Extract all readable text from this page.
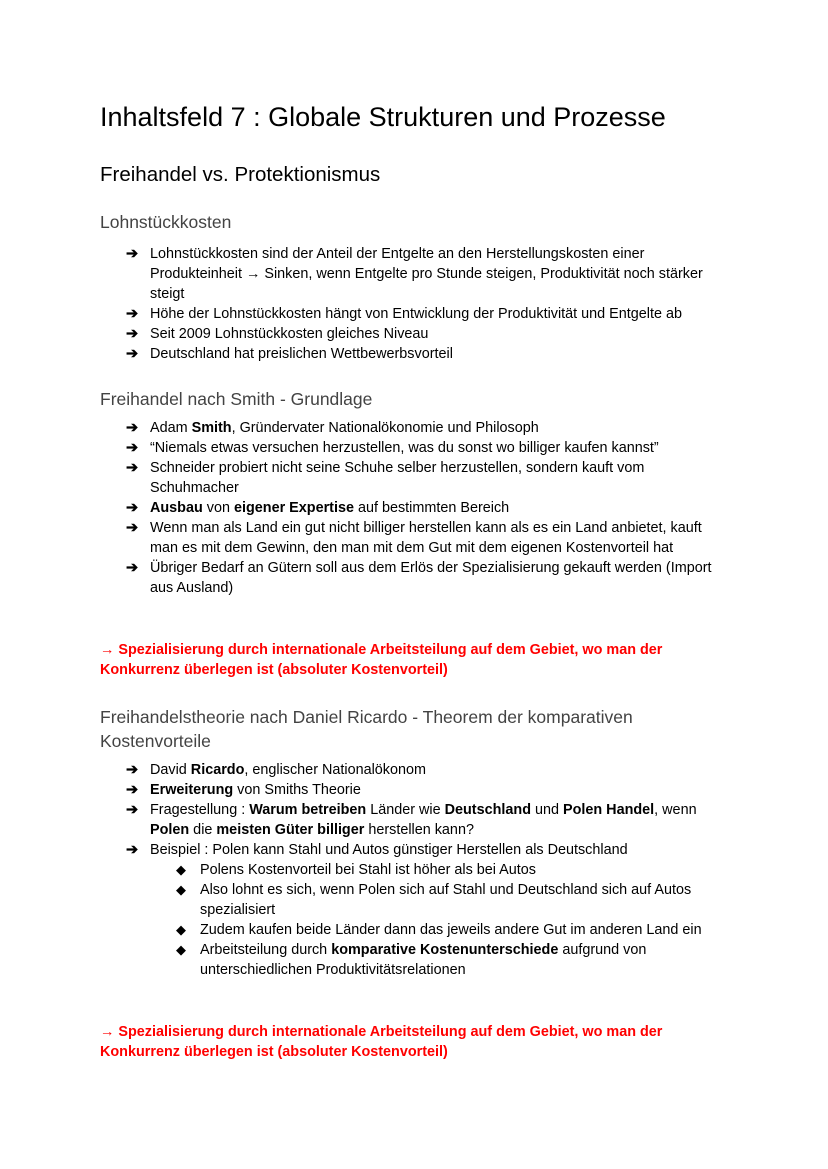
Inhaltsfeld 7 : Globale Strukturen und Prozesse
Freihandel vs. Protektionismus
Lohnstückkosten
➔ Lohnstückkosten sind der Anteil der Entgelte an den Herstellungskosten einer Produkteinheit → Sinken, wenn Entgelte pro Stunde steigen, Produktivität noch stärker steigt
➔ Höhe der Lohnstückkosten hängt von Entwicklung der Produktivität und Entgelte ab
➔ Seit 2009 Lohnstückkosten gleiches Niveau
➔ Deutschland hat preislichen Wettbewerbsvorteil
Freihandel nach Smith - Grundlage
➔ Adam Smith, Gründervater Nationalökonomie und Philosoph
➔ “Niemals etwas versuchen herzustellen, was du sonst wo billiger kaufen kannst”
➔ Schneider probiert nicht seine Schuhe selber herzustellen, sondern kauft vom Schuhmacher
➔ Ausbau von eigener Expertise auf bestimmten Bereich
➔ Wenn man als Land ein gut nicht billiger herstellen kann als es ein Land anbietet, kauft man es mit dem Gewinn, den man mit dem Gut mit dem eigenen Kostenvorteil hat
➔ Übriger Bedarf an Gütern soll aus dem Erlös der Spezialisierung gekauft werden (Import aus Ausland)
→ Spezialisierung durch internationale Arbeitsteilung auf dem Gebiet, wo man der Konkurrenz überlegen ist (absoluter Kostenvorteil)
Freihandelstheorie nach Daniel Ricardo - Theorem der komparativen Kostenvorteile
➔ David Ricardo, englischer Nationalökonom
➔ Erweiterung von Smiths Theorie
➔ Fragestellung : Warum betreiben Länder wie Deutschland und Polen Handel, wenn Polen die meisten Güter billiger herstellen kann?
➔ Beispiel : Polen kann Stahl und Autos günstiger Herstellen als Deutschland
◆ Polens Kostenvorteil bei Stahl ist höher als bei Autos
◆ Also lohnt es sich, wenn Polen sich auf Stahl und Deutschland sich auf Autos spezialisiert
◆ Zudem kaufen beide Länder dann das jeweils andere Gut im anderen Land ein
◆ Arbeitsteilung durch komparative Kostenunterschiede aufgrund von unterschiedlichen Produktivitätsrelationen
→ Spezialisierung durch internationale Arbeitsteilung auf dem Gebiet, wo man der Konkurrenz überlegen ist (absoluter Kostenvorteil)
